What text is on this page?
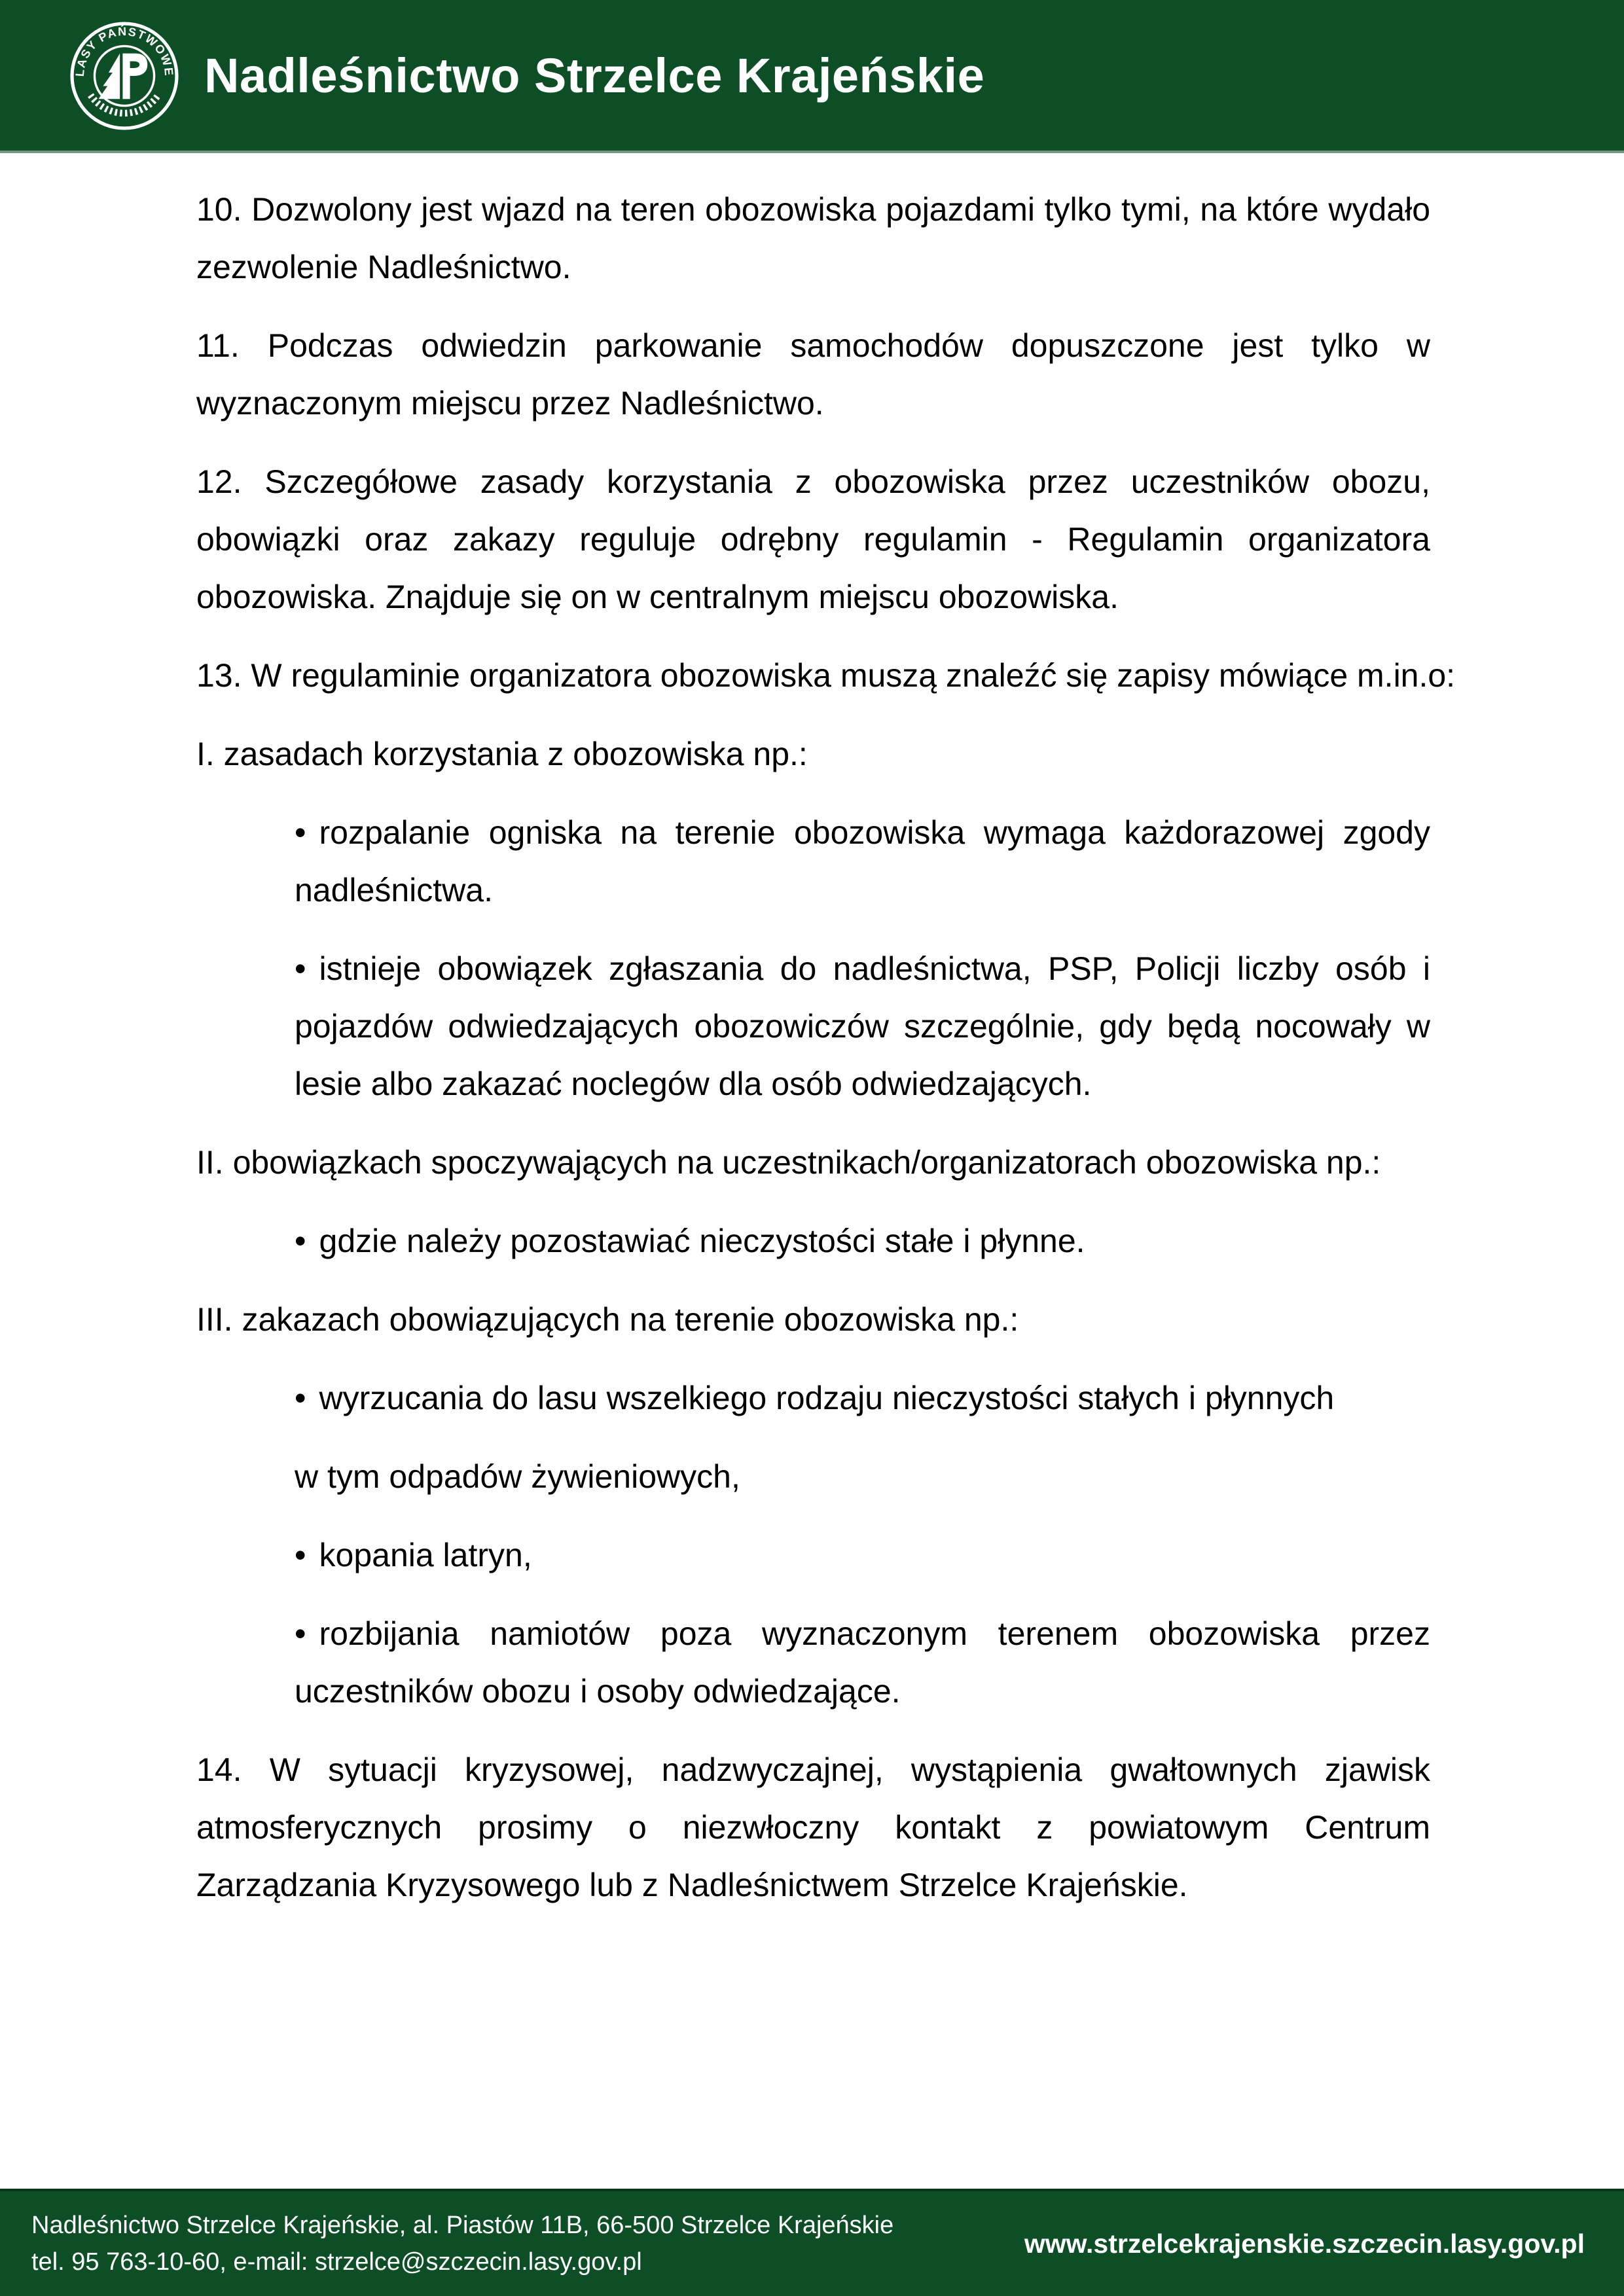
LASY PAŃSTWOWE Nadleśnictwo Strzelce Krajeńskie
10. Dozwolony jest wjazd na teren obozowiska pojazdami tylko tymi, na które wydało zezwolenie Nadleśnictwo.
11. Podczas odwiedzin parkowanie samochodów dopuszczone jest tylko w wyznaczonym miejscu przez Nadleśnictwo.
12. Szczegółowe zasady korzystania z obozowiska przez uczestników obozu, obowiązki oraz zakazy reguluje odrębny regulamin - Regulamin organizatora obozowiska. Znajduje się on w centralnym miejscu obozowiska.
13. W regulaminie organizatora obozowiska muszą znaleźć się zapisy mówiące m.in.o:
I. zasadach korzystania z obozowiska np.:
• rozpalanie ogniska na terenie obozowiska wymaga każdorazowej zgody nadleśnictwa.
• istnieje obowiązek zgłaszania do nadleśnictwa, PSP, Policji liczby osób i pojazdów odwiedzających obozowiczów szczególnie, gdy będą nocowały w lesie albo zakazać noclegów dla osób odwiedzających.
II. obowiązkach spoczywających na uczestnikach/organizatorach obozowiska np.:
• gdzie należy pozostawiać nieczystości stałe i płynne.
III. zakazach obowiązujących na terenie obozowiska np.:
• wyrzucania do lasu wszelkiego rodzaju nieczystości stałych i płynnych
w tym odpadów żywieniowych,
• kopania latryn,
• rozbijania namiotów poza wyznaczonym terenem obozowiska przez uczestników obozu i osoby odwiedzające.
14. W sytuacji kryzysowej, nadzwyczajnej, wystąpienia gwałtownych zjawisk atmosferycznych prosimy o niezwłoczny kontakt z powiatowym Centrum Zarządzania Kryzysowego lub z Nadleśnictwem Strzelce Krajeńskie.
Nadleśnictwo Strzelce Krajeńskie, al. Piastów 11B, 66-500 Strzelce Krajeńskie
tel. 95 763-10-60, e-mail: strzelce@szczecin.lasy.gov.pl
www.strzelcekrajenskie.szczecin.lasy.gov.pl
